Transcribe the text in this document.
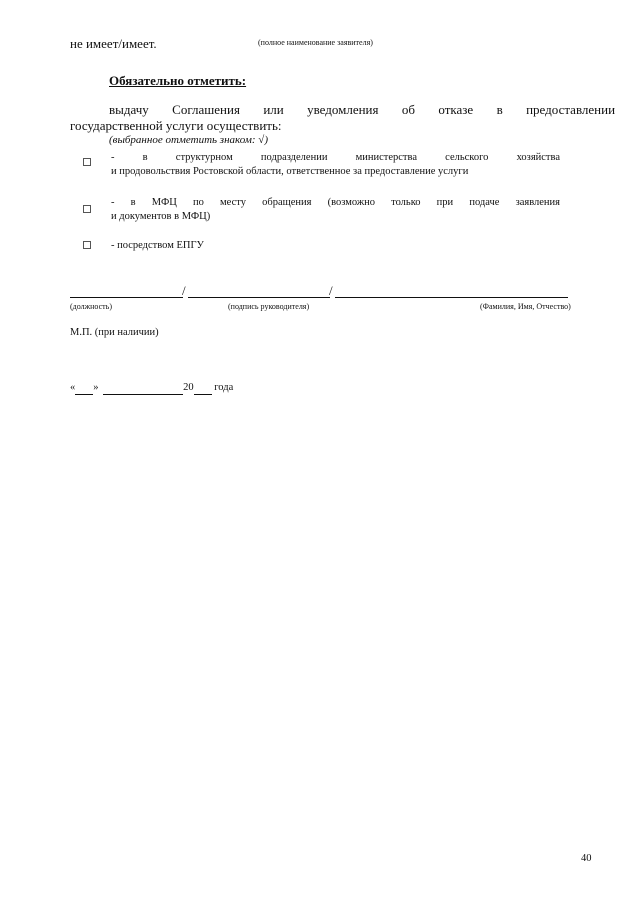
не имеет/имеет.	(полное наименование заявителя)
Обязательно отметить:
выдачу Соглашения или уведомления об отказе в предоставлении
государственной услуги осуществить:
(выбранное отметить знаком: √)
- в структурном подразделении министерства сельского хозяйства
и продовольствия Ростовской области, ответственное за предоставление услуги
- в МФЦ по месту обращения (возможно только при подаче заявления
и документов в МФЦ)
- посредством ЕПГУ
/	/
(должность)	(подпись руководителя)	(Фамилия, Имя, Отчество)
М.П. (при наличии)
« »	20 года
40
